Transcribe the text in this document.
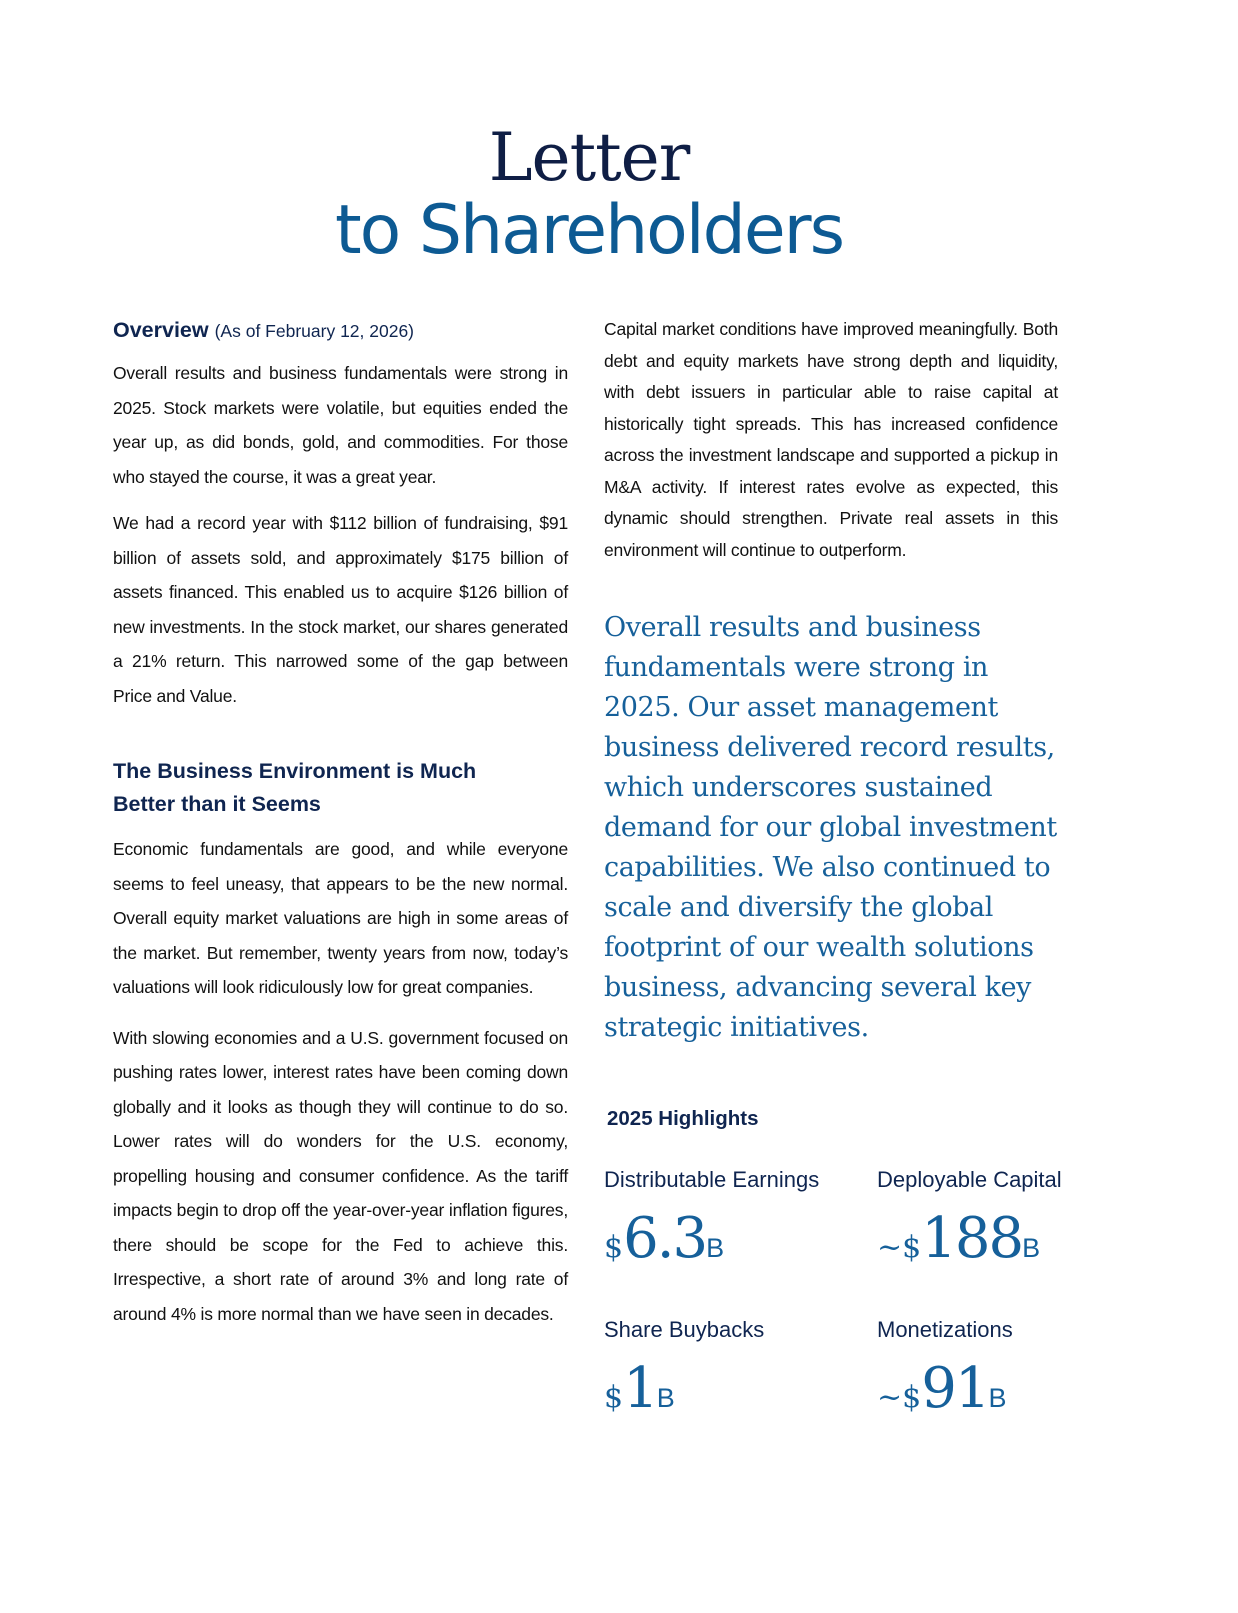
Letter
to Shareholders
Overview (As of February 12, 2026)

Overall results and business fundamentals were strong in 2025. Stock markets were volatile, but equities ended the year up, as did bonds, gold, and commodities. For those who stayed the course, it was a great year.

We had a record year with $112 billion of fundraising, $91 billion of assets sold, and approximately $175 billion of assets financed. This enabled us to acquire $126 billion of new investments. In the stock market, our shares generated a 21% return. This narrowed some of the gap between Price and Value.

The Business Environment is Much
Better than it Seems

Economic fundamentals are good, and while everyone seems to feel uneasy, that appears to be the new normal. Overall equity market valuations are high in some areas of the market. But remember, twenty years from now, today’s valuations will look ridiculously low for great companies.

With slowing economies and a U.S. government focused on pushing rates lower, interest rates have been coming down globally and it looks as though they will continue to do so. Lower rates will do wonders for the U.S. economy, propelling housing and consumer confidence. As the tariff impacts begin to drop off the year-over-year inflation figures, there should be scope for the Fed to achieve this. Irrespective, a short rate of around 3% and long rate of around 4% is more normal than we have seen in decades.

Capital market conditions have improved meaningfully. Both debt and equity markets have strong depth and liquidity, with debt issuers in particular able to raise capital at historically tight spreads. This has increased confidence across the investment landscape and supported a pickup in M&A activity. If interest rates evolve as expected, this dynamic should strengthen. Private real assets in this environment will continue to outperform.

Overall results and business fundamentals were strong in 2025. Our asset management business delivered record results, which underscores sustained demand for our global investment capabilities. We also continued to scale and diversify the global footprint of our wealth solutions business, advancing several key strategic initiatives.

2025 Highlights
Distributable Earnings
$6.3B
Deployable Capital
~$188B
Share Buybacks
$1B
Monetizations
~$91B
